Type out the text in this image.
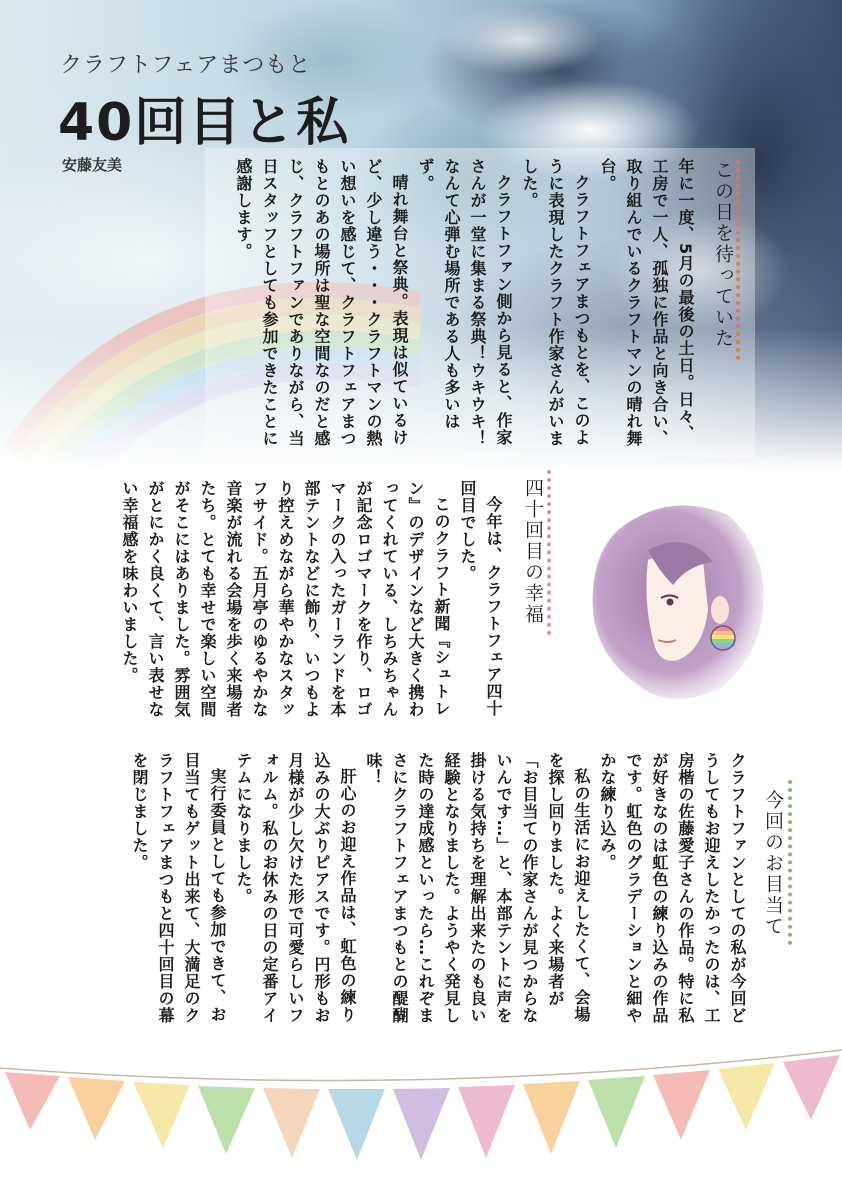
クラフトフェアまつもと
40回目と私
安藤友美	この日を待っていた
年に一度、5月の最後の土日。日々、工房で一人、孤独に作品と向き合い、取り組んでいるクラフトマンの晴れ舞台。
クラフトフェアまつもとを、このように表現したクラフト作家さんがいました。
クラフトファン側から見ると、作家さんが一堂に集まる祭典！ウキウキ！なんて心弾む場所である人も多いはず。
晴れ舞台と祭典。表現は似ているけど、少し違う・・・クラフトマンの熱い想いを感じて、クラフトフェアまつもとのあの場所は聖な空間なのだと感じ、クラフトファンでありながら、当日スタッフとしても参加できたことに感謝します。
四十回目の幸福
今年は、クラフトフェア四十回目でした。
このクラフト新聞『シュトレン』のデザインなど大きく携わってくれている、しちみちゃんが記念ロゴマークを作り、ロゴマークの入ったガーランドを本部テントなどに飾り、いつもより控えめながら華やかなスタッフサイド。五月亭のゆるやかな音楽が流れる会場を歩く来場者たち。とても幸せで楽しい空間がそこにはありました。雰囲気がとにかく良くて、言い表せない幸福感を味わいました。
今回のお目当て
クラフトファンとしての私が今回どうしてもお迎えしたかったのは、工房楷の佐藤愛子さんの作品。特に私が好きなのは虹色の練り込みの作品です。虹色のグラデーションと細やかな練り込み。
私の生活にお迎えしたくて、会場を探し回りました。よく来場者が「お目当ての作家さんが見つからないんです…」と、本部テントに声を掛ける気持ちを理解出来たのも良い経験となりました。ようやく発見した時の達成感といったら…これぞまさにクラフトフェアまつもとの醍醐味！
肝心のお迎え作品は、虹色の練り込みの大ぶりピアスです。円形もお月様が少し欠けた形で可愛らしいフォルム。私のお休みの日の定番アイテムになりました。
実行委員としても参加できて、お目当てもゲット出来て、大満足のクラフトフェアまつもと四十回目の幕を閉じました。
